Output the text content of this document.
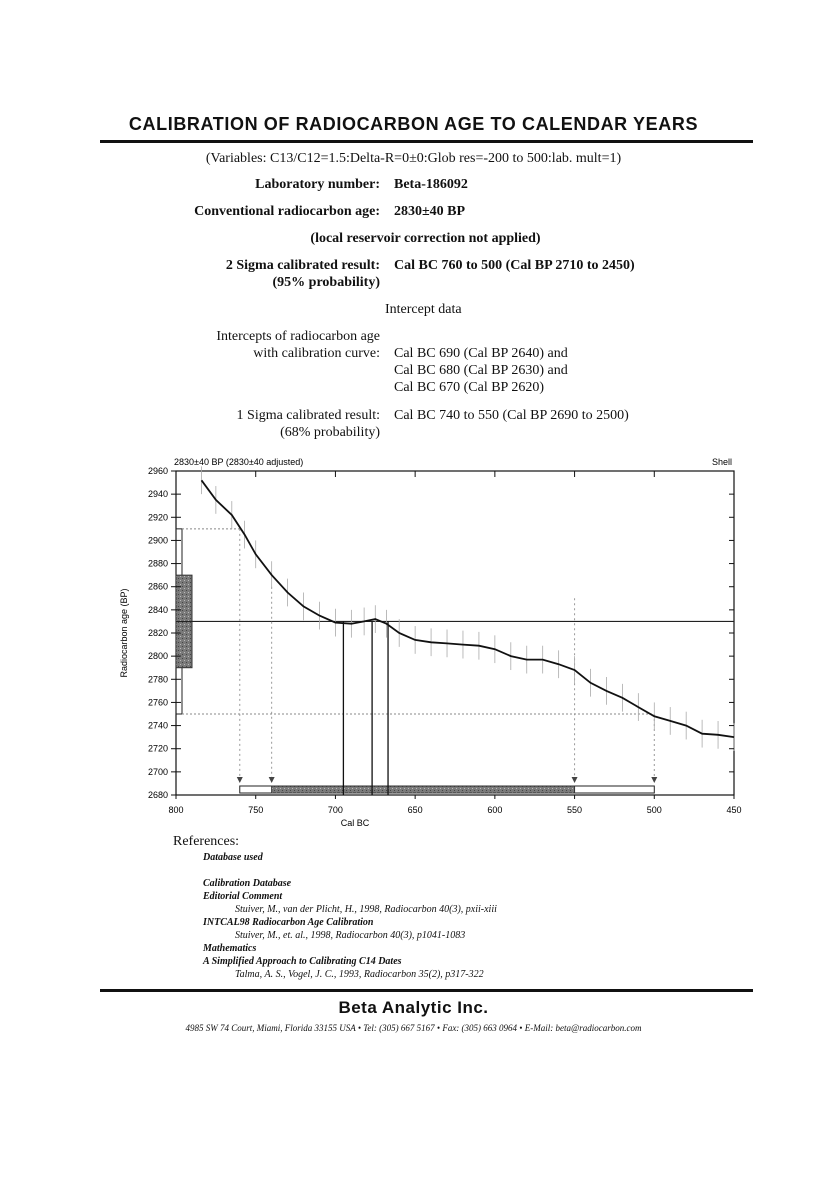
CALIBRATION OF RADIOCARBON AGE TO CALENDAR YEARS
(Variables: C13/C12=1.5:Delta-R=0±0:Glob res=-200 to 500:lab. mult=1)
Laboratory number: Beta-186092
Conventional radiocarbon age: 2830±40 BP
(local reservoir correction not applied)
2 Sigma calibrated result:
(95% probability)
Cal BC 760 to 500 (Cal BP 2710 to 2450)
Intercept data
Intercepts of radiocarbon age
with calibration curve: Cal BC 690 (Cal BP 2640) and
Cal BC 680 (Cal BP 2630) and
Cal BC 670 (Cal BP 2620)
1 Sigma calibrated result:
(68% probability)
Cal BC 740 to 550 (Cal BP 2690 to 2500)
2680
2700
2720
2740
2760
2780
2800
2820
2840
2860
2880
2900
2920
2940
2960
800	750	700	650	600	550	500	450
2830±40 BP (2830±40 adjusted)	Shell
Cal BC
Radiocarbon age (BP)
References:
Database used
Calibration Database
Editorial Comment
Stuiver, M., van der Plicht, H., 1998, Radiocarbon 40(3), pxii-xiii
INTCAL98 Radiocarbon Age Calibration
Stuiver, M., et. al., 1998, Radiocarbon 40(3), p1041-1083
Mathematics
A Simplified Approach to Calibrating C14 Dates
Talma, A. S., Vogel, J. C., 1993, Radiocarbon 35(2), p317-322
Beta Analytic Inc.
4985 SW 74 Court, Miami, Florida 33155 USA • Tel: (305) 667 5167 • Fax: (305) 663 0964 • E-Mail: beta@radiocarbon.com
